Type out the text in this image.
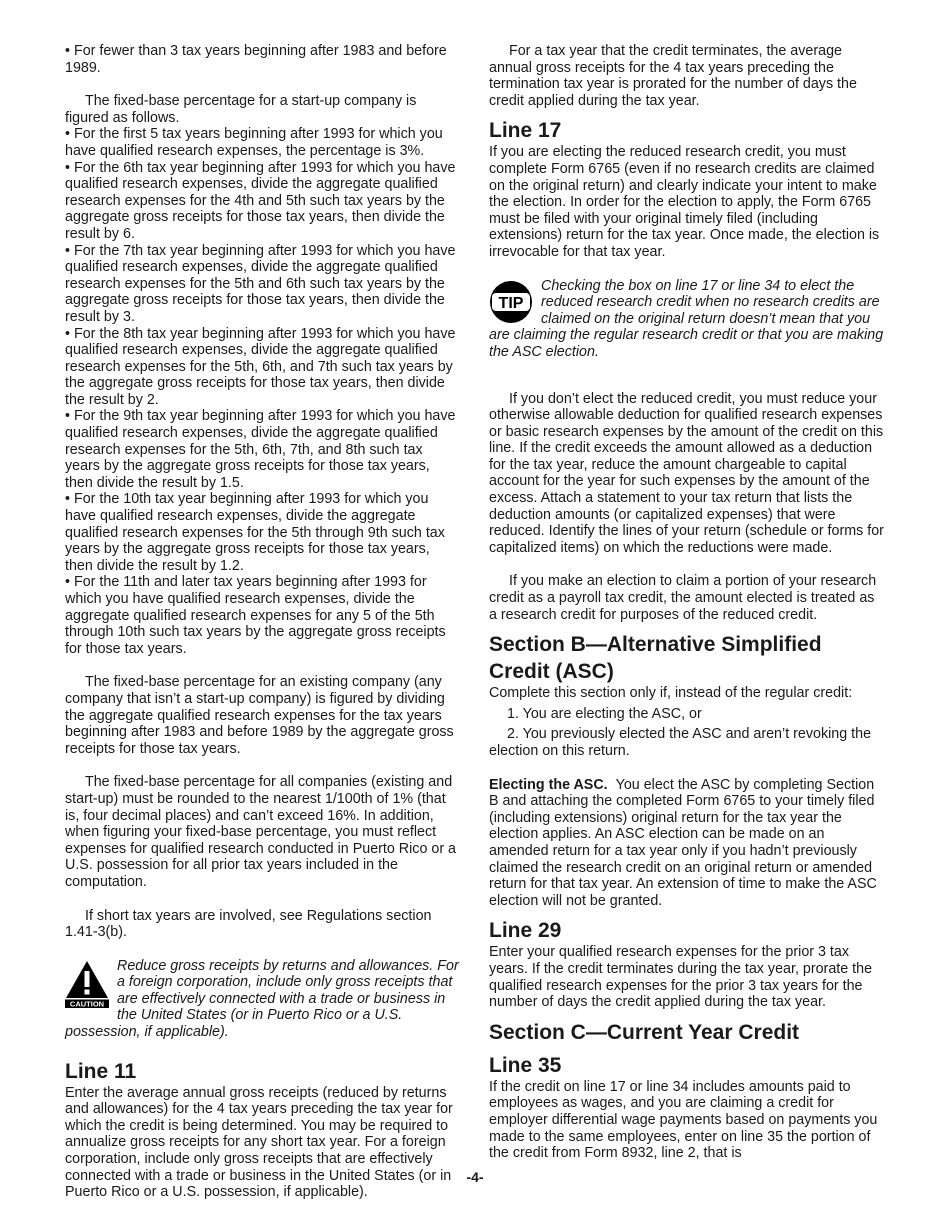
• For fewer than 3 tax years beginning after 1983 and before 1989.

The fixed-base percentage for a start-up company is figured as follows.

• For the first 5 tax years beginning after 1993 for which you have qualified research expenses, the percentage is 3%.

• For the 6th tax year beginning after 1993 for which you have qualified research expenses, divide the aggregate qualified research expenses for the 4th and 5th such tax years by the aggregate gross receipts for those tax years, then divide the result by 6.

• For the 7th tax year beginning after 1993 for which you have qualified research expenses, divide the aggregate qualified research expenses for the 5th and 6th such tax years by the aggregate gross receipts for those tax years, then divide the result by 3.

• For the 8th tax year beginning after 1993 for which you have qualified research expenses, divide the aggregate qualified research expenses for the 5th, 6th, and 7th such tax years by the aggregate gross receipts for those tax years, then divide the result by 2.

• For the 9th tax year beginning after 1993 for which you have qualified research expenses, divide the aggregate qualified research expenses for the 5th, 6th, 7th, and 8th such tax years by the aggregate gross receipts for those tax years, then divide the result by 1.5.

• For the 10th tax year beginning after 1993 for which you have qualified research expenses, divide the aggregate qualified research expenses for the 5th through 9th such tax years by the aggregate gross receipts for those tax years, then divide the result by 1.2.

• For the 11th and later tax years beginning after 1993 for which you have qualified research expenses, divide the aggregate qualified research expenses for any 5 of the 5th through 10th such tax years by the aggregate gross receipts for those tax years.

The fixed-base percentage for an existing company (any company that isn’t a start-up company) is figured by dividing the aggregate qualified research expenses for the tax years beginning after 1983 and before 1989 by the aggregate gross receipts for those tax years.

The fixed-base percentage for all companies (existing and start-up) must be rounded to the nearest 1/100th of 1% (that is, four decimal places) and can’t exceed 16%. In addition, when figuring your fixed-base percentage, you must reflect expenses for qualified research conducted in Puerto Rico or a U.S. possession for all prior tax years included in the computation.

If short tax years are involved, see Regulations section 1.41-3(b).

CAUTION
Reduce gross receipts by returns and allowances. For a foreign corporation, include only gross receipts that are effectively connected with a trade or business in the United States (or in Puerto Rico or a U.S. possession, if applicable).
Line 11

Enter the average annual gross receipts (reduced by returns and allowances) for the 4 tax years preceding the tax year for which the credit is being determined. You may be required to annualize gross receipts for any short tax year. For a foreign corporation, include only gross receipts that are effectively connected with a trade or business in the United States (or in Puerto Rico or a U.S. possession, if applicable).

For a tax year that the credit terminates, the average annual gross receipts for the 4 tax years preceding the termination tax year is prorated for the number of days the credit applied during the tax year.

Line 17

If you are electing the reduced research credit, you must complete Form 6765 (even if no research credits are claimed on the original return) and clearly indicate your intent to make the election. In order for the election to apply, the Form 6765 must be filed with your original timely filed (including extensions) return for the tax year. Once made, the election is irrevocable for that tax year.

TIP
Checking the box on line 17 or line 34 to elect the reduced research credit when no research credits are claimed on the original return doesn’t mean that you are claiming the regular research credit or that you are making the ASC election.

If you don’t elect the reduced credit, you must reduce your otherwise allowable deduction for qualified research expenses or basic research expenses by the amount of the credit on this line. If the credit exceeds the amount allowed as a deduction for the tax year, reduce the amount chargeable to capital account for the year for such expenses by the amount of the excess. Attach a statement to your tax return that lists the deduction amounts (or capitalized expenses) that were reduced. Identify the lines of your return (schedule or forms for capitalized items) on which the reductions were made.

If you make an election to claim a portion of your research credit as a payroll tax credit, the amount elected is treated as a research credit for purposes of the reduced credit.

Section B—Alternative Simplified Credit (ASC)

Complete this section only if, instead of the regular credit:

1. You are electing the ASC, or

2. You previously elected the ASC and aren’t revoking the election on this return.

Electing the ASC. You elect the ASC by completing Section B and attaching the completed Form 6765 to your timely filed (including extensions) original return for the tax year the election applies. An ASC election can be made on an amended return for a tax year only if you hadn’t previously claimed the research credit on an original return or amended return for that tax year. An extension of time to make the ASC election will not be granted.

Line 29

Enter your qualified research expenses for the prior 3 tax years. If the credit terminates during the tax year, prorate the qualified research expenses for the prior 3 tax years for the number of days the credit applied during the tax year.

Section C—Current Year Credit
Line 35

If the credit on line 17 or line 34 includes amounts paid to employees as wages, and you are claiming a credit for employer differential wage payments based on payments you made to the same employees, enter on line 35 the portion of the credit from Form 8932, line 2, that is

-4-
